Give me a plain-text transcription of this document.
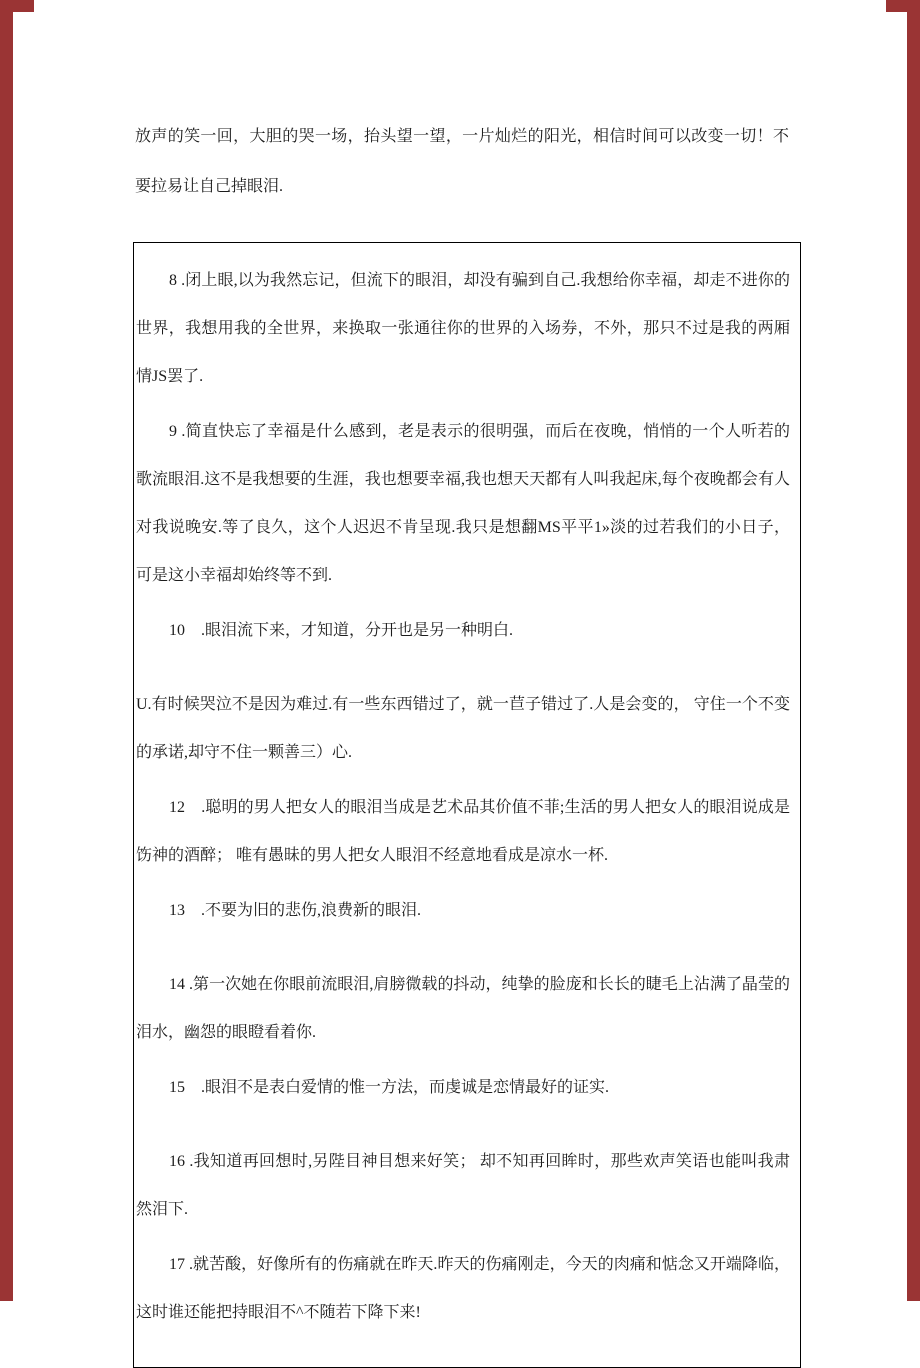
放声的笑一回，大胆的哭一场，抬头望一望，一片灿烂的阳光，相信时间可以改变一切！不要拉易让自己掉眼泪.

8 .闭上眼,以为我然忘记，但流下的眼泪，却没有骗到自己.我想给你幸福，却走不进你的世界，我想用我的全世界，来换取一张通往你的世界的入场券，不外，那只不过是我的两厢情JS罢了.

9 .简直快忘了幸福是什么感到，老是表示的很明强，而后在夜晚，悄悄的一个人听若的歌流眼泪.这不是我想要的生涯，我也想要幸福,我也想天天都有人叫我起床,每个夜晚都会有人对我说晚安.等了良久，这个人迟迟不肯呈现.我只是想翻MS平平1»淡的过若我们的小日子，可是这小幸福却始终等不到.

10　.眼泪流下来，才知道，分开也是另一种明白.

U.有时候哭泣不是因为难过.有一些东西错过了，就一苣子错过了.人是会变的， 守住一个不变的承诺,却守不住一颗善三）心.

12　.聪明的男人把女人的眼泪当成是艺术品其价值不菲;生活的男人把女人的眼泪说成是饬神的酒醉； 唯有愚昧的男人把女人眼泪不经意地看成是凉水一杯.

13　.不要为旧的悲伤,浪费新的眼泪.

14 .第一次她在你眼前流眼泪,肩膀微载的抖动，纯挚的脸庞和长长的睫毛上沾满了晶莹的泪水，幽怨的眼瞪看着你.

15　.眼泪不是表白爱情的惟一方法，而虔诚是恋情最好的证实.

16 .我知道再回想时,另陛目神目想来好笑； 却不知再回眸时，那些欢声笑语也能叫我肃然泪下.

17 .就苦酸，好像所有的伤痛就在昨天.昨天的伤痛刚走，今天的肉痛和惦念又开端降临， 这时谁还能把持眼泪不^不随若下降下来!
